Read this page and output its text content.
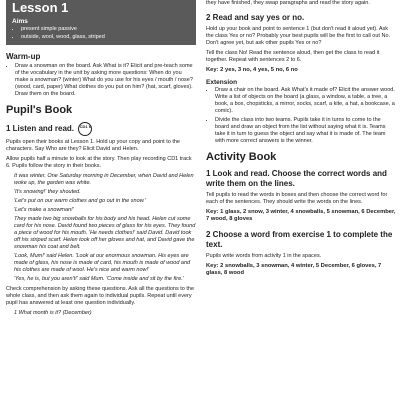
Lesson 1

Aims

• present simple passive
• outside, wool, wood, glass, striped
Warm-up
• Draw a snowman on the board. Ask What is it? Elicit and pre-teach some of the vocabulary in the unit by asking more questions: When do you make a snowman? (winter) What do you use for his eyes / mouth / nose? (wood, card, paper) What clothes do you put on him? (hat, scarf, gloves). Draw them on the board.
Pupil's Book
1 Listen and read. CD1 6

Pupils open their books at Lesson 1. Hold up your copy and point to the characters. Say Who are they? Elicit David and Helen.

Allow pupils half a minute to look at the story. Then play recording CD1 track 6. Pupils follow the story in their books.

It was winter. One Saturday morning in December, when David and Helen woke up, the garden was white.

'It's snowing!' they shouted.

'Let's put on our warm clothes and go out in the snow.'

'Let's make a snowman!'

They made two big snowballs for his body and his head. Helen cut some card for his nose. David found two pieces of glass for his eyes. They found a piece of wood for his mouth. 'He needs clothes!' said David. David took off his striped scarf. Helen took off her gloves and hat, and David gave the snowman his coat and belt.

'Look, Mum!' said Helen. 'Look at our enormous snowman. His eyes are made of glass, his nose is made of card, his mouth is made of wood and his clothes are made of wool. He's nice and warm now!'

'Yes, he is, but you aren't!' said Mum. 'Come inside and sit by the fire.'

Check comprehension by asking these questions. Ask all the questions to the whole class, and then ask them again to individual pupils. Repeat until every pupil has answered at least one question individually.

1 What month is it? (December)

they have finished, they swap paragraphs and read the story again.

2 Read and say yes or no.

Hold up your book and point to sentence 1 (but don't read it aloud yet). Ask the class Yes or no? Probably your best pupils will be the first to call out No. Don't agree yet, but ask other pupils Yes or no?

Tell the class No! Read the sentence aloud, then get the class to read it together. Repeat with sentences 2 to 6.

Key: 2 yes, 3 no, 4 yes, 5 no, 6 no

Extension

• Draw a chair on the board. Ask What's it made of? Elicit the answer wood. Write a list of objects on the board (a glass, a window, a table, a tree, a book, a box, chopsticks, a mirror, socks, scarf, a kite, a hat, a bookcase, a comic).
• Divide the class into two teams. Pupils take it in turns to come to the board and draw an object from the list without saying what it is. Teams take it in turn to guess the object and say what it is made of. The team with more correct answers is the winner.
Activity Book
1 Look and read. Choose the correct words and write them on the lines.

Tell pupils to read the words in boxes and then choose the correct word for each of the sentences. They should write the words on the lines.

Key: 1 glass, 2 snow, 3 winter, 4 snowballs, 5 snowman, 6 December, 7 wood, 8 gloves

2 Choose a word from exercise 1 to complete the text.

Pupils write words from activity 1 in the spaces.

Key: 2 snowballs, 3 snowman, 4 winter, 5 December, 6 gloves, 7 glass, 8 wood
